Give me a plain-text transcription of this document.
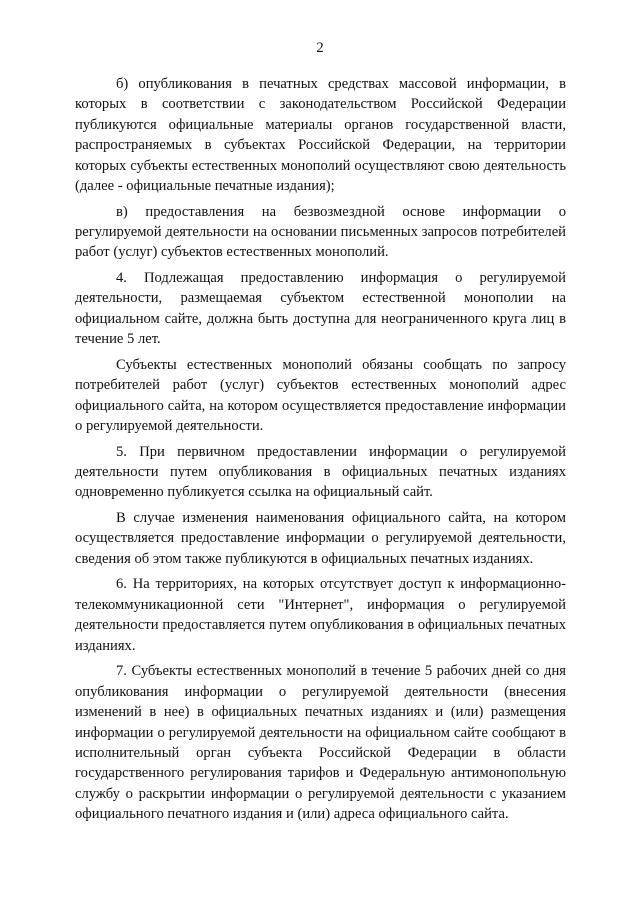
2

б) опубликования в печатных средствах массовой информации, в которых в соответствии с законодательством Российской Федерации публикуются официальные материалы органов государственной власти, распространяемых в субъектах Российской Федерации, на территории которых субъекты естественных монополий осуществляют свою деятельность (далее - официальные печатные издания);

в) предоставления на безвозмездной основе информации о регулируемой деятельности на основании письменных запросов потребителей работ (услуг) субъектов естественных монополий.

4. Подлежащая предоставлению информация о регулируемой деятельности, размещаемая субъектом естественной монополии на официальном сайте, должна быть доступна для неограниченного круга лиц в течение 5 лет.

Субъекты естественных монополий обязаны сообщать по запросу потребителей работ (услуг) субъектов естественных монополий адрес официального сайта, на котором осуществляется предоставление информации о регулируемой деятельности.

5. При первичном предоставлении информации о регулируемой деятельности путем опубликования в официальных печатных изданиях одновременно публикуется ссылка на официальный сайт.

В случае изменения наименования официального сайта, на котором осуществляется предоставление информации о регулируемой деятельности, сведения об этом также публикуются в официальных печатных изданиях.

6. На территориях, на которых отсутствует доступ к информационно-телекоммуникационной сети "Интернет", информация о регулируемой деятельности предоставляется путем опубликования в официальных печатных изданиях.

7. Субъекты естественных монополий в течение 5 рабочих дней со дня опубликования информации о регулируемой деятельности (внесения изменений в нее) в официальных печатных изданиях и (или) размещения информации о регулируемой деятельности на официальном сайте сообщают в исполнительный орган субъекта Российской Федерации в области государственного регулирования тарифов и Федеральную антимонопольную службу о раскрытии информации о регулируемой деятельности с указанием официального печатного издания и (или) адреса официального сайта.
